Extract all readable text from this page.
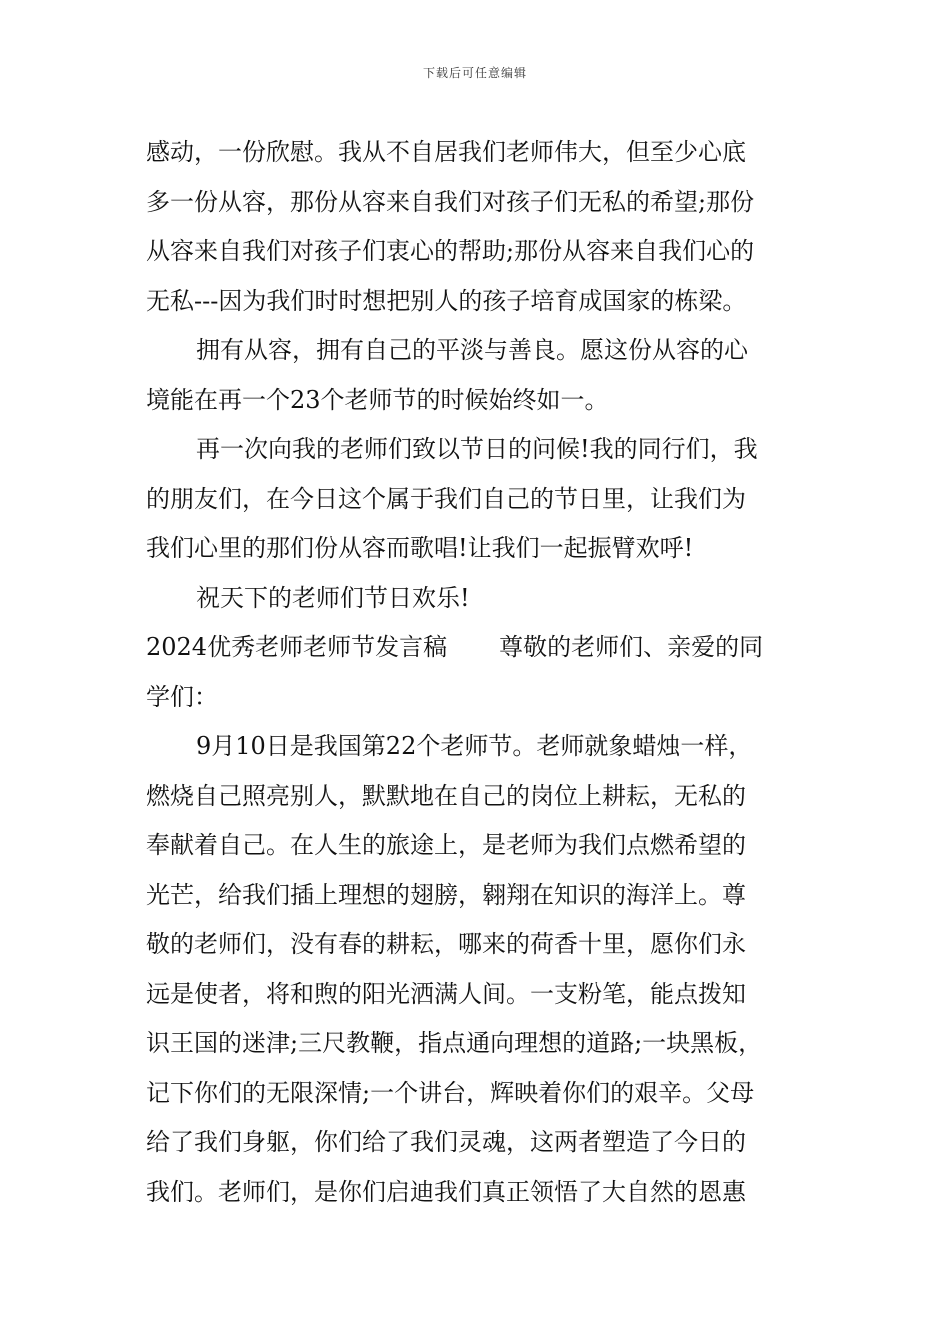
下载后可任意编辑
感动，一份欣慰。我从不自居我们老师伟大，但至少心底
多一份从容，那份从容来自我们对孩子们无私的希望;那份
从容来自我们对孩子们衷心的帮助;那份从容来自我们心的
无私---因为我们时时想把别人的孩子培育成国家的栋梁。
拥有从容，拥有自己的平淡与善良。愿这份从容的心
境能在再一个23个老师节的时候始终如一。
再一次向我的老师们致以节日的问候!我的同行们，我
的朋友们，在今日这个属于我们自己的节日里，让我们为
我们心里的那们份从容而歌唱!让我们一起振臂欢呼!
祝天下的老师们节日欢乐!
2024优秀老师老师节发言稿 尊敬的老师们、亲爱的同
学们：
9月10日是我国第22个老师节。老师就象蜡烛一样，
燃烧自己照亮别人，默默地在自己的岗位上耕耘，无私的
奉献着自己。在人生的旅途上，是老师为我们点燃希望的
光芒，给我们插上理想的翅膀，翱翔在知识的海洋上。尊
敬的老师们，没有春的耕耘，哪来的荷香十里，愿你们永
远是使者，将和煦的阳光洒满人间。一支粉笔，能点拨知
识王国的迷津;三尺教鞭，指点通向理想的道路;一块黑板，
记下你们的无限深情;一个讲台，辉映着你们的艰辛。父母
给了我们身躯，你们给了我们灵魂，这两者塑造了今日的
我们。老师们，是你们启迪我们真正领悟了大自然的恩惠
